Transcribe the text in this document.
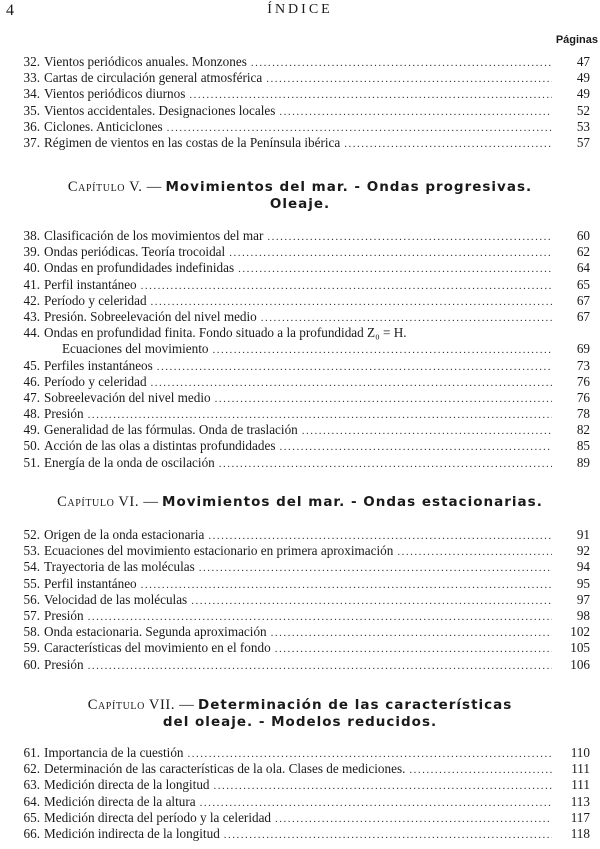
4	ÍNDICE
Páginas
32. Vientos periódicos anuales. Monzones .....	47
33. Cartas de circulación general atmosférica .....	49
34. Vientos periódicos diurnos .....	49
35. Vientos accidentales. Designaciones locales .....	52
36. Ciclones. Anticiclones .....	53
37. Régimen de vientos en las costas de la Península ibérica .....	57
Capítulo V. — Movimientos del mar. - Ondas progresivas.
Oleaje.
38. Clasificación de los movimientos del mar .....	60
39. Ondas periódicas. Teoría trocoidal .....	62
40. Ondas en profundidades indefinidas .....	64
41. Perfil instantáneo .....	65
42. Período y celeridad .....	67
43. Presión. Sobreelevación del nivel medio .....	67
44. Ondas en profundidad finita. Fondo situado a la profundidad Z₀ = H.
Ecuaciones del movimiento .....	69
45. Perfiles instantáneos .....	73
46. Período y celeridad .....	76
47. Sobreelevación del nivel medio .....	76
48. Presión .....	78
49. Generalidad de las fórmulas. Onda de traslación .....	82
50. Acción de las olas a distintas profundidades .....	85
51. Energía de la onda de oscilación .....	89
Capítulo VI. — Movimientos del mar. - Ondas estacionarias.
52. Origen de la onda estacionaria .....	91
53. Ecuaciones del movimiento estacionario en primera aproximación .....	92
54. Trayectoria de las moléculas .....	94
55. Perfil instantáneo .....	95
56. Velocidad de las moléculas .....	97
57. Presión .....	98
58. Onda estacionaria. Segunda aproximación .....	102
59. Características del movimiento en el fondo .....	105
60. Presión .....	106
Capítulo VII. — Determinación de las características
del oleaje. - Modelos reducidos.
61. Importancia de la cuestión .....	110
62. Determinación de las características de la ola. Clases de mediciones. .....	111
63. Medición directa de la longitud .....	111
64. Medición directa de la altura .....	113
65. Medición directa del período y la celeridad .....	117
66. Medición indirecta de la longitud .....	118
